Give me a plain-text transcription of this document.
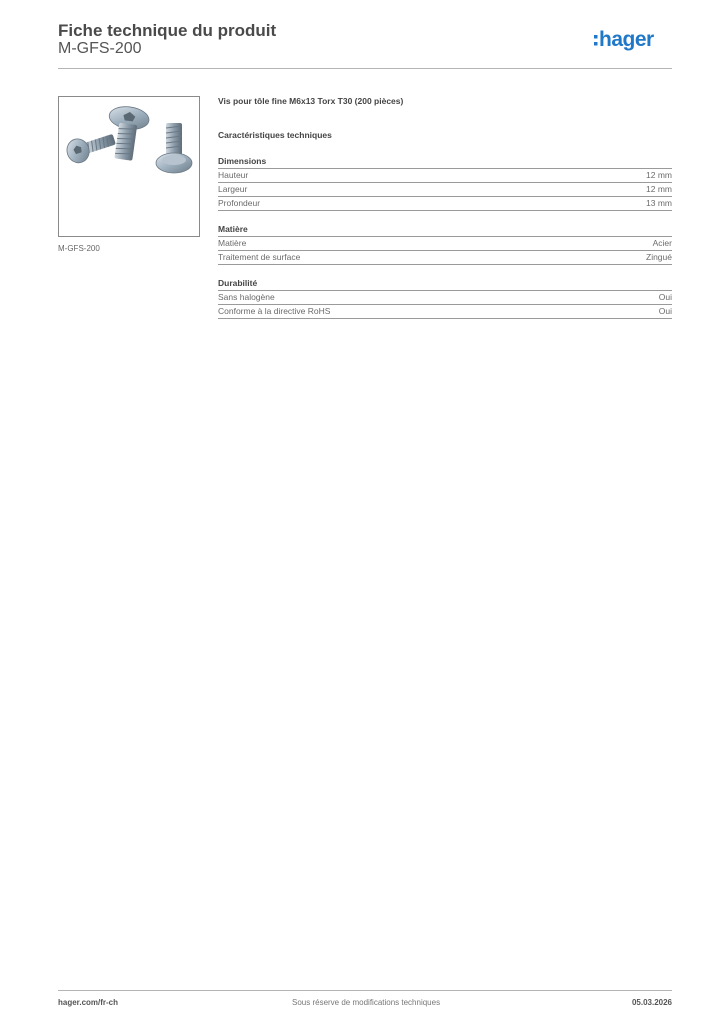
Fiche technique du produit
M-GFS-200	hager
M-GFS-200
Vis pour tôle fine M6x13 Torx T30 (200 pièces)
Caractéristiques techniques
Dimensions
Hauteur	12 mm
Largeur	12 mm
Profondeur	13 mm
Matière
Matière	Acier
Traitement de surface	Zingué
Durabilité
Sans halogène	Oui
Conforme à la directive RoHS	Oui
hager.com/fr-ch	Sous réserve de modifications techniques	05.03.2026
